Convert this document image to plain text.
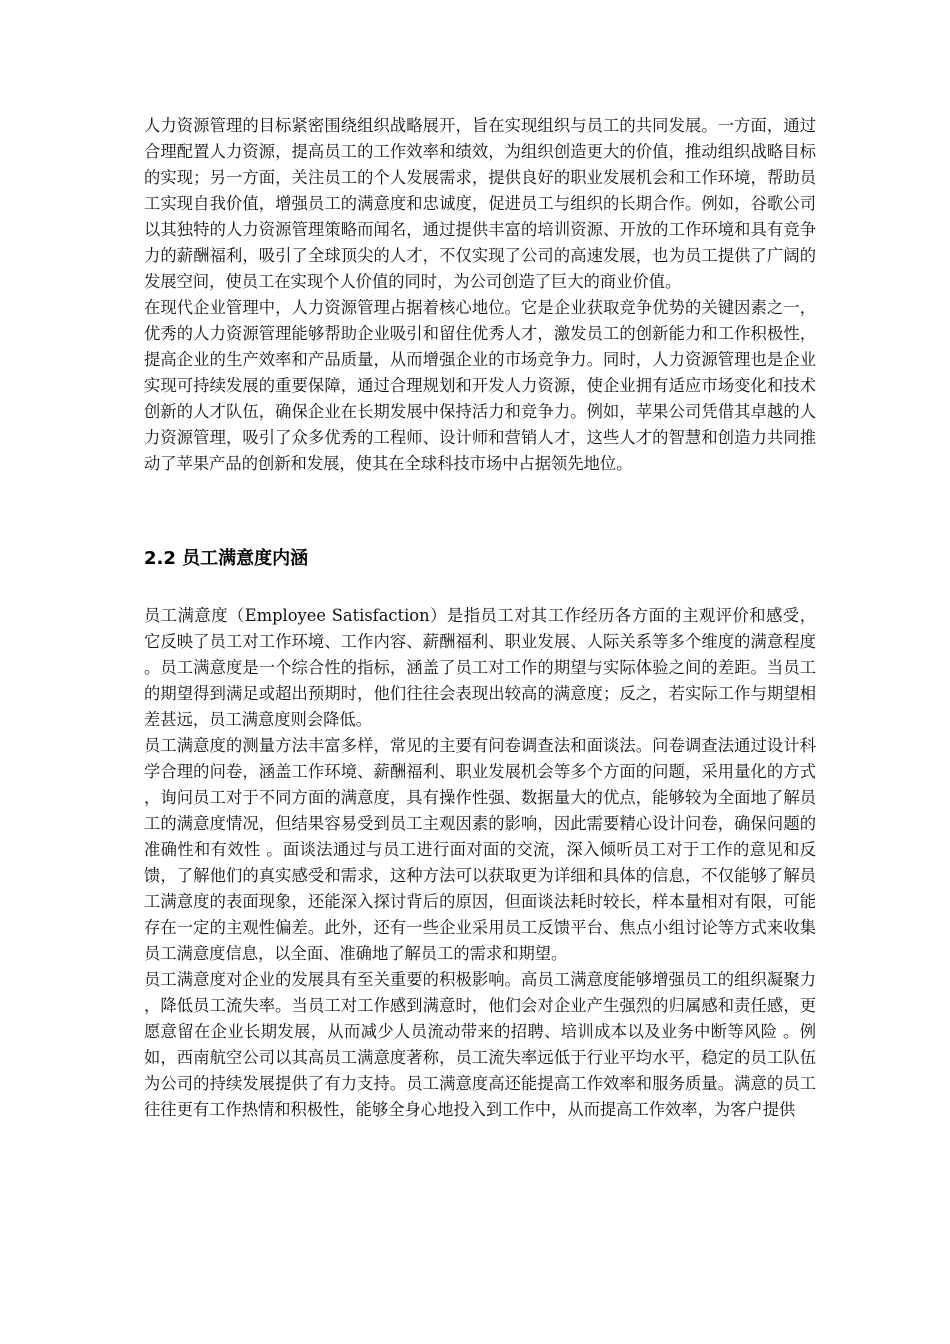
人力资源管理的目标紧密围绕组织战略展开，旨在实现组织与员工的共同发展。一方面，通过合理配置人力资源，提高员工的工作效率和绩效，为组织创造更大的价值，推动组织战略目标的实现；另一方面，关注员工的个人发展需求，提供良好的职业发展机会和工作环境，帮助员工实现自我价值，增强员工的满意度和忠诚度，促进员工与组织的长期合作。例如，谷歌公司以其独特的人力资源管理策略而闻名，通过提供丰富的培训资源、开放的工作环境和具有竞争力的薪酬福利，吸引了全球顶尖的人才，不仅实现了公司的高速发展，也为员工提供了广阔的发展空间，使员工在实现个人价值的同时，为公司创造了巨大的商业价值。

在现代企业管理中，人力资源管理占据着核心地位。它是企业获取竞争优势的关键因素之一，优秀的人力资源管理能够帮助企业吸引和留住优秀人才，激发员工的创新能力和工作积极性，提高企业的生产效率和产品质量，从而增强企业的市场竞争力。同时，人力资源管理也是企业实现可持续发展的重要保障，通过合理规划和开发人力资源，使企业拥有适应市场变化和技术创新的人才队伍，确保企业在长期发展中保持活力和竞争力。例如，苹果公司凭借其卓越的人力资源管理，吸引了众多优秀的工程师、设计师和营销人才，这些人才的智慧和创造力共同推动了苹果产品的创新和发展，使其在全球科技市场中占据领先地位。

2.2 员工满意度内涵

员工满意度（Employee Satisfaction）是指员工对其工作经历各方面的主观评价和感受，它反映了员工对工作环境、工作内容、薪酬福利、职业发展、人际关系等多个维度的满意程度 。员工满意度是一个综合性的指标，涵盖了员工对工作的期望与实际体验之间的差距。当员工的期望得到满足或超出预期时，他们往往会表现出较高的满意度；反之，若实际工作与期望相差甚远，员工满意度则会降低。

员工满意度的测量方法丰富多样，常见的主要有问卷调查法和面谈法。问卷调查法通过设计科学合理的问卷，涵盖工作环境、薪酬福利、职业发展机会等多个方面的问题，采用量化的方式，询问员工对于不同方面的满意度，具有操作性强、数据量大的优点，能够较为全面地了解员工的满意度情况，但结果容易受到员工主观因素的影响，因此需要精心设计问卷，确保问题的准确性和有效性 。面谈法通过与员工进行面对面的交流，深入倾听员工对于工作的意见和反馈，了解他们的真实感受和需求，这种方法可以获取更为详细和具体的信息，不仅能够了解员工满意度的表面现象，还能深入探讨背后的原因，但面谈法耗时较长，样本量相对有限，可能存在一定的主观性偏差。此外，还有一些企业采用员工反馈平台、焦点小组讨论等方式来收集员工满意度信息，以全面、准确地了解员工的需求和期望。

员工满意度对企业的发展具有至关重要的积极影响。高员工满意度能够增强员工的组织凝聚力，降低员工流失率。当员工对工作感到满意时，他们会对企业产生强烈的归属感和责任感，更愿意留在企业长期发展，从而减少人员流动带来的招聘、培训成本以及业务中断等风险 。例如，西南航空公司以其高员工满意度著称，员工流失率远低于行业平均水平，稳定的员工队伍为公司的持续发展提供了有力支持。员工满意度高还能提高工作效率和服务质量。满意的员工往往更有工作热情和积极性，能够全身心地投入到工作中，从而提高工作效率，为客户提供
